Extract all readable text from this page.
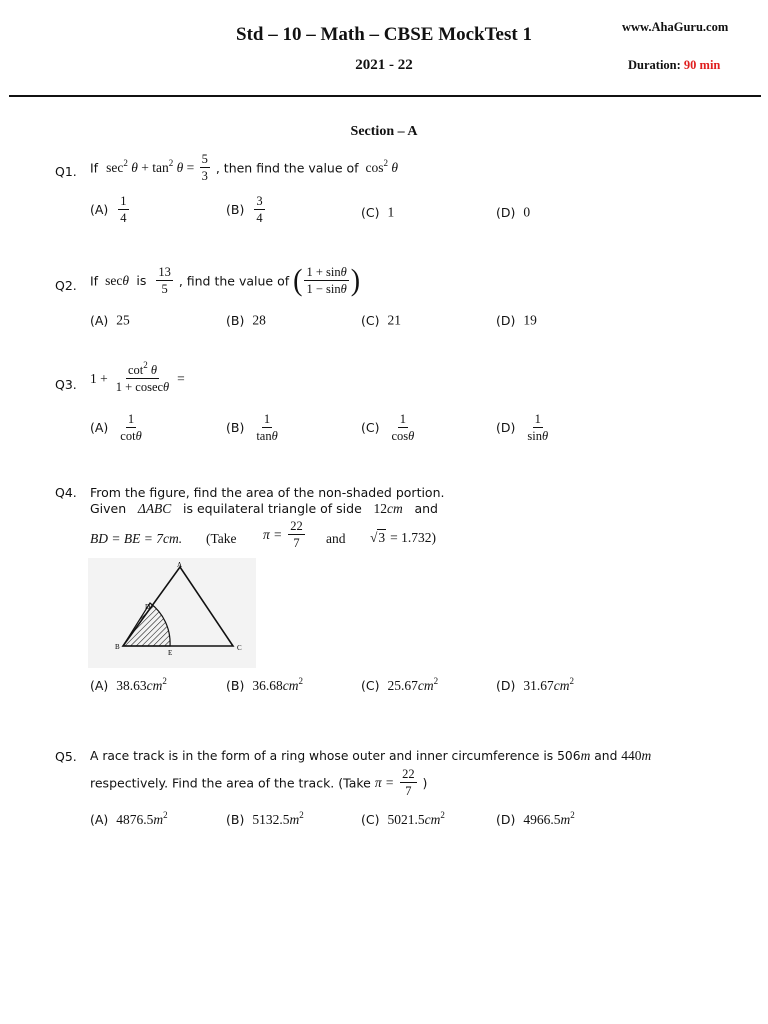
Std – 10 – Math – CBSE MockTest 1
2021 - 22
www.AhaGuru.com
Duration: 90 min
Section – A
Q1. If $\sec^2 \theta + \tan^2 \theta = \frac{5}{3}$ , then find the value of $\cos^2 \theta$
$(A) \frac{1}{4}$	$(B) \frac{3}{4}$	(C) 1	(D) 0
Q2. If secθ is $\frac{13}{5}$ , find the value of ( $\frac{1 + \sin\theta}{1 - \sin\theta}$ )
(A) 25	(B) 28	(C) 21	(D) 19
Q3. $1 + \frac{\cot^2 \theta}{1 + cosec\theta}$ =
$(A) \frac{1}{\cot\theta}$	$(B) \frac{1}{\tan\theta}$	$(C) \frac{1}{\cos\theta}$	$(D) \frac{1}{\sin\theta}$
Q4. From the figure, find the area of the non-shaded portion.
Given ΔABC is equilateral triangle of side 12cm and
BD = BE = 7cm. (Take $\pi = \frac{22}{7}$ and √3 = 1.732)
A
B	C
D
E
(A) $38.63cm^2$	(B) $36.68cm^2$	(C) $25.67cm^2$	(D) $31.67cm^2$
Q5. A race track is in the form of a ring whose outer and inner circumference is 506m and 440m
respectively. Find the area of the track. (Take $\pi = \frac{22}{7}$ )
(A) $4876.5m^2$	(B) $5132.5m^2$	(C) $5021.5cm^2$	(D) $4966.5m^2$
